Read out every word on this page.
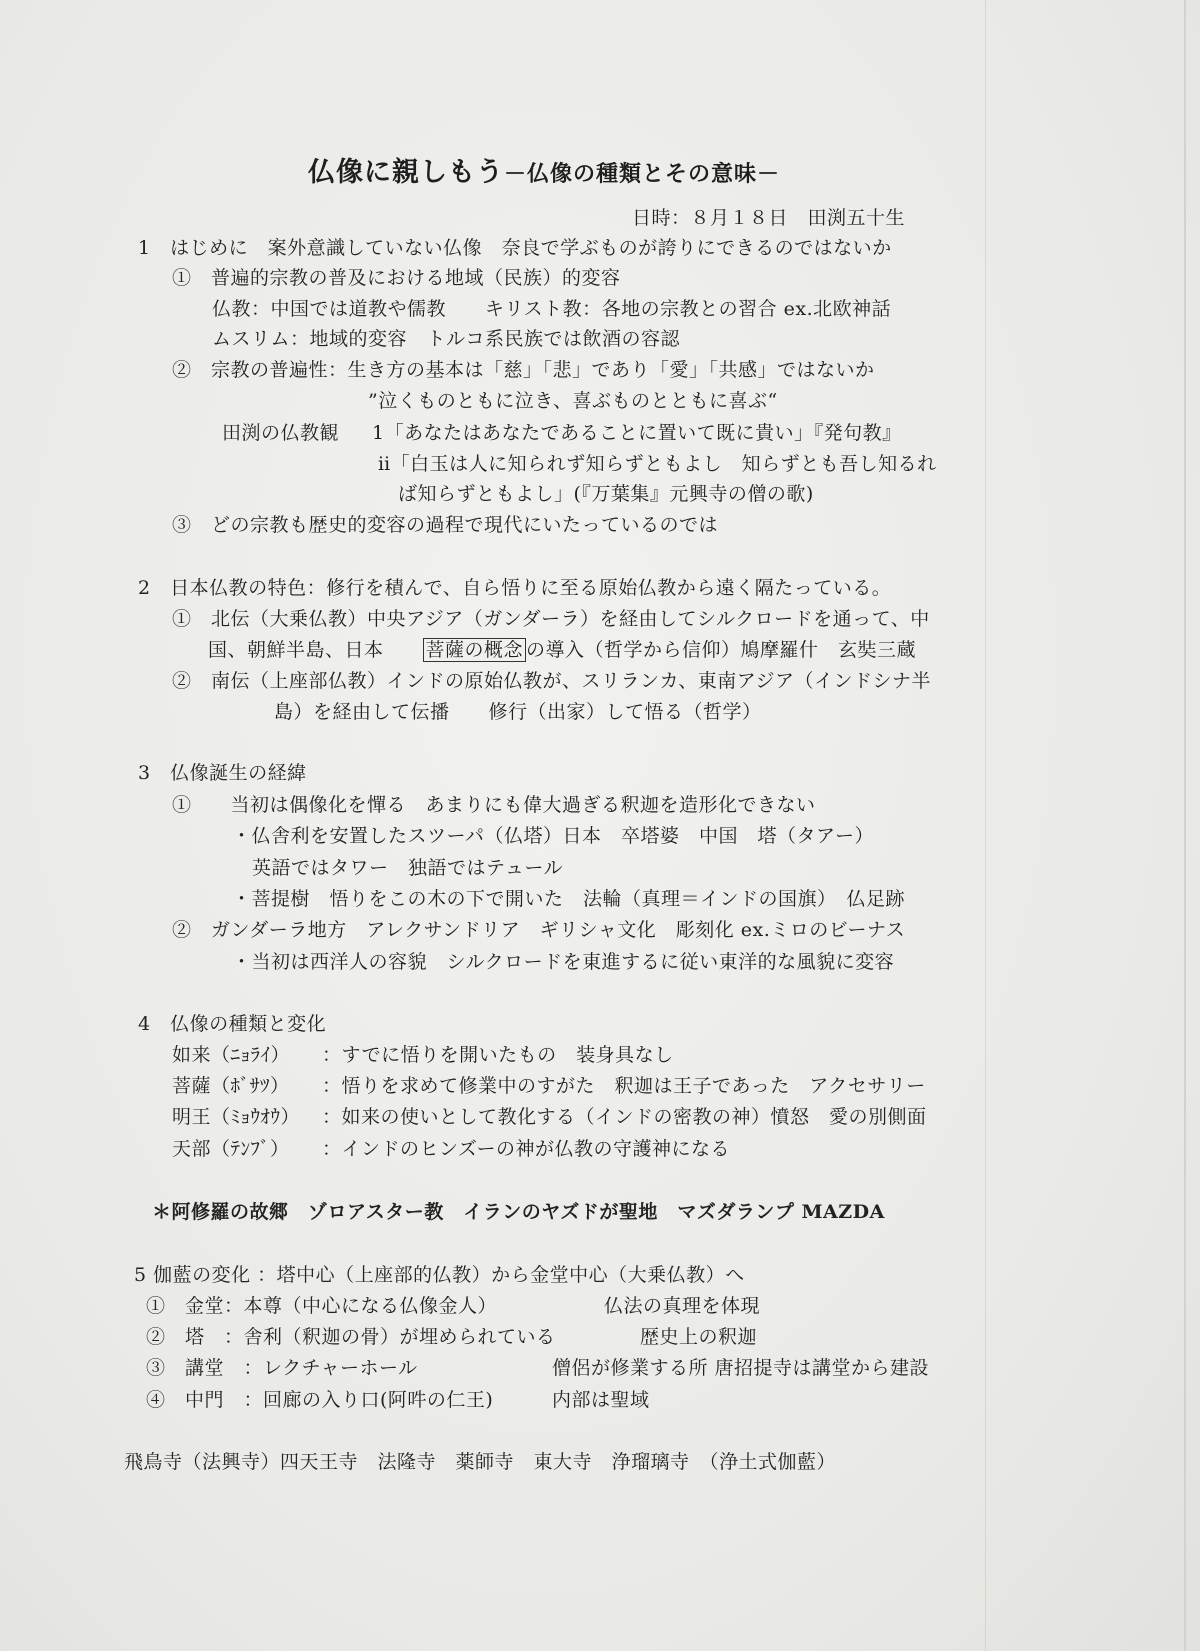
仏像に親しもう－仏像の種類とその意味－
日時：８月１８日　田渕五十生
1　はじめに　案外意識していない仏像　奈良で学ぶものが誇りにできるのではないか
①　普遍的宗教の普及における地域（民族）的変容
仏教：中国では道教や儒教　　キリスト教：各地の宗教との習合 ex.北欧神話
ムスリム：地域的変容　トルコ系民族では飲酒の容認
②　宗教の普遍性：生き方の基本は「慈」「悲」であり「愛」「共感」ではないか
”泣くものともに泣き、喜ぶものとともに喜ぶ“
田渕の仏教観 1「あなたはあなたであることに置いて既に貴い」『発句教』
ⅱ「白玉は人に知られず知らずともよし　知らずとも吾し知るれ
ば知らずともよし」(『万葉集』元興寺の僧の歌)
③　どの宗教も歴史的変容の過程で現代にいたっているのでは
2　日本仏教の特色：修行を積んで、自ら悟りに至る原始仏教から遠く隔たっている。
①　北伝（大乗仏教）中央アジア（ガンダーラ）を経由してシルクロードを通って、中
国、朝鮮半島、日本　　菩薩の概念 の導入（哲学から信仰）鳩摩羅什　玄奘三蔵
②　南伝（上座部仏教）インドの原始仏教が、スリランカ、東南アジア（インドシナ半
島）を経由して伝播　　修行（出家）して悟る（哲学）
3　仏像誕生の経緯
①　　当初は偶像化を憚る　あまりにも偉大過ぎる釈迦を造形化できない
・仏舎利を安置したスツーパ（仏塔）日本　卒塔婆　中国　塔（タアー）
英語ではタワー　独語ではテュール
・菩提樹　悟りをこの木の下で開いた　法輪（真理＝インドの国旗）　仏足跡
②　ガンダーラ地方　アレクサンドリア　ギリシャ文化　彫刻化 ex.ミロのビーナス
・当初は西洋人の容貌　シルクロードを東進するに従い東洋的な風貌に変容
4　仏像の種類と変化
如来（ﾆｮﾗｲ） ：すでに悟りを開いたもの　装身具なし
菩薩（ﾎﾞｻﾂ） ：悟りを求めて修業中のすがた　釈迦は王子であった　アクセサリー
明王（ﾐｮｳｵｳ） ：如来の使いとして教化する（インドの密教の神）憤怒　愛の別側面
天部（ﾃﾝﾌﾞ） ：インドのヒンズーの神が仏教の守護神になる
＊阿修羅の故郷　ゾロアスター教　イランのヤズドが聖地　マズダランプ MAZDA
5 伽藍の変化 ：塔中心（上座部的仏教）から金堂中心（大乗仏教）へ
①　金堂：本尊（中心になる仏像金人）	仏法の真理を体現
②　塔　：舎利（釈迦の骨）が埋められている	歴史上の釈迦
③　講堂　：レクチャーホール	僧侶が修業する所 唐招提寺は講堂から建設
④　中門　：回廊の入り口(阿吽の仁王)	内部は聖域
飛鳥寺（法興寺）四天王寺　法隆寺　薬師寺　東大寺　浄瑠璃寺　（浄土式伽藍）
